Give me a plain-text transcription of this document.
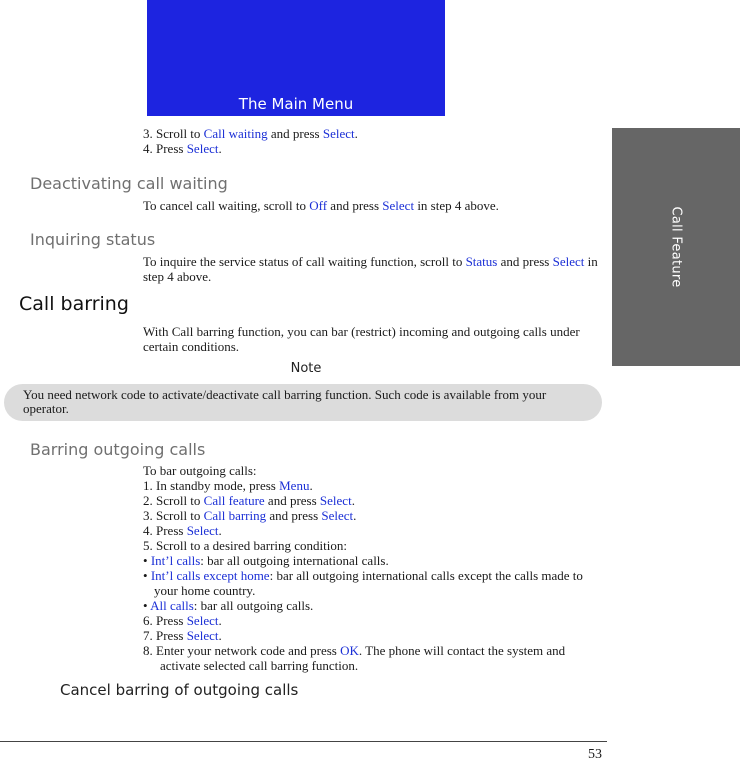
The Main Menu
Call Feature
3. Scroll to Call waiting and press Select.
4. Press Select.
Deactivating call waiting
To cancel call waiting, scroll to Off and press Select in step 4 above.
Inquiring status
To inquire the service status of call waiting function, scroll to Status and press Select in step 4 above.
Call barring
With Call barring function, you can bar (restrict) incoming and outgoing calls under certain conditions.
Note
You need network code to activate/deactivate call barring function. Such code is available from your operator.
Barring outgoing calls
To bar outgoing calls:
1. In standby mode, press Menu.
2. Scroll to Call feature and press Select.
3. Scroll to Call barring and press Select.
4. Press Select.
5. Scroll to a desired barring condition:
• Int’l calls: bar all outgoing international calls.
• Int’l calls except home: bar all outgoing international calls except the calls made to your home country.
• All calls: bar all outgoing calls.
6. Press Select.
7. Press Select.
8. Enter your network code and press OK. The phone will contact the system and activate selected call barring function.
Cancel barring of outgoing calls
53
